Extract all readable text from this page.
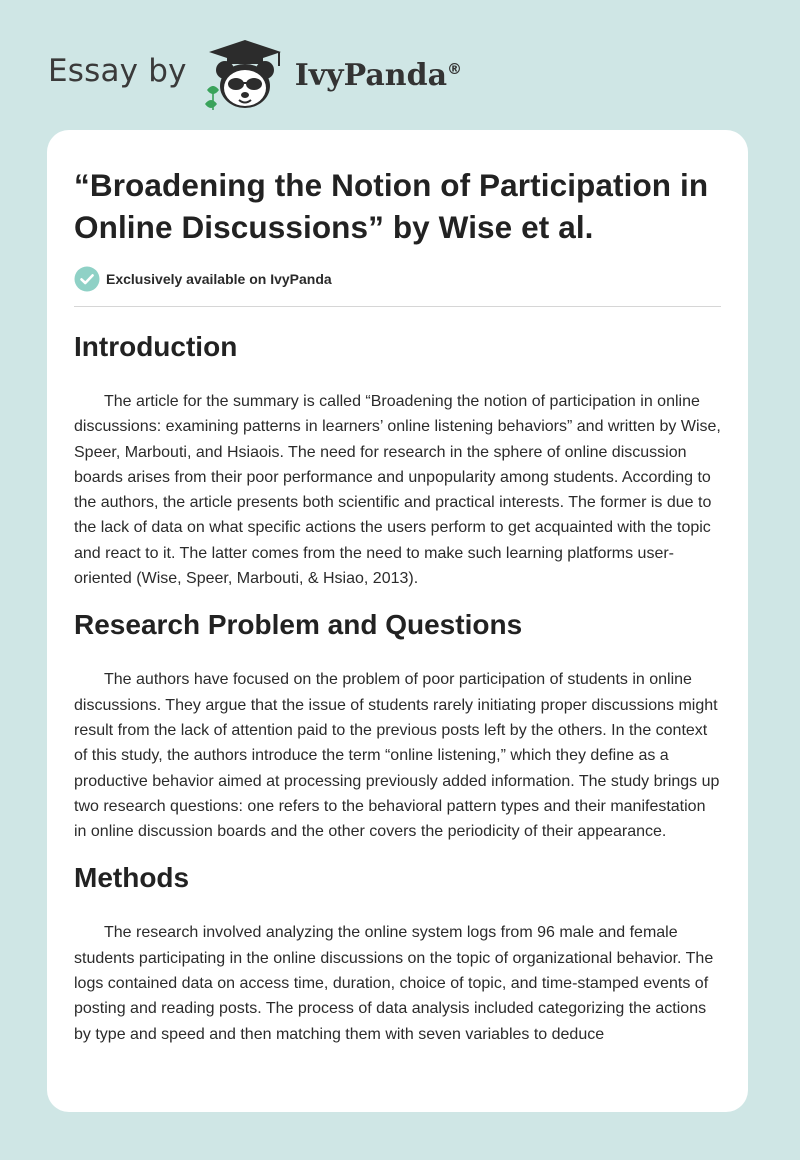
Essay by	IvyPanda®
“Broadening the Notion of Participation in Online Discussions” by Wise et al.
Exclusively available on IvyPanda
Introduction

The article for the summary is called “Broadening the notion of participation in online discussions: examining patterns in learners’ online listening behaviors” and written by Wise, Speer, Marbouti, and Hsiaois. The need for research in the sphere of online discussion boards arises from their poor performance and unpopularity among students. According to the authors, the article presents both scientific and practical interests. The former is due to the lack of data on what specific actions the users perform to get acquainted with the topic and react to it. The latter comes from the need to make such learning platforms user-oriented (Wise, Speer, Marbouti, & Hsiao, 2013).

Research Problem and Questions

The authors have focused on the problem of poor participation of students in online discussions. They argue that the issue of students rarely initiating proper discussions might result from the lack of attention paid to the previous posts left by the others. In the context of this study, the authors introduce the term “online listening,” which they define as a productive behavior aimed at processing previously added information. The study brings up two research questions: one refers to the behavioral pattern types and their manifestation in online discussion boards and the other covers the periodicity of their appearance.

Methods

The research involved analyzing the online system logs from 96 male and female students participating in the online discussions on the topic of organizational behavior. The logs contained data on access time, duration, choice of topic, and time-stamped events of posting and reading posts. The process of data analysis included categorizing the actions by type and speed and then matching them with seven variables to deduce
